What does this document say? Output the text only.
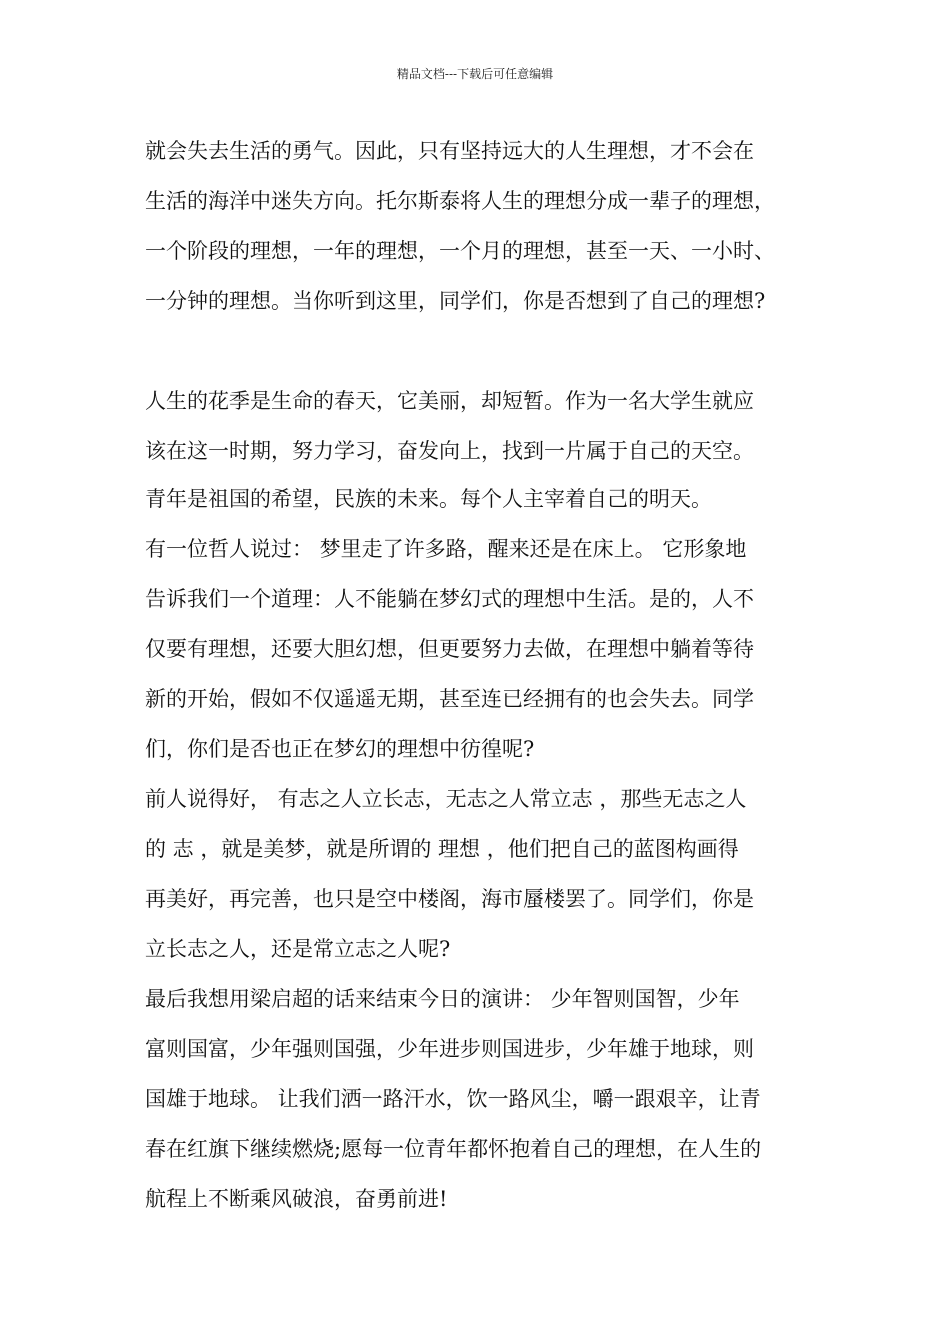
精品文档---下载后可任意编辑
就会失去生活的勇气。因此，只有坚持远大的人生理想，才不会在
生活的海洋中迷失方向。托尔斯泰将人生的理想分成一辈子的理想，
一个阶段的理想，一年的理想，一个月的理想，甚至一天、一小时、
一分钟的理想。当你听到这里，同学们，你是否想到了自己的理想?
人生的花季是生命的春天，它美丽，却短暂。作为一名大学生就应
该在这一时期，努力学习，奋发向上，找到一片属于自己的天空。
青年是祖国的希望，民族的未来。每个人主宰着自己的明天。
有一位哲人说过： 梦里走了许多路，醒来还是在床上。 它形象地
告诉我们一个道理：人不能躺在梦幻式的理想中生活。是的，人不
仅要有理想，还要大胆幻想，但更要努力去做，在理想中躺着等待
新的开始，假如不仅遥遥无期，甚至连已经拥有的也会失去。同学
们，你们是否也正在梦幻的理想中彷徨呢?
前人说得好， 有志之人立长志，无志之人常立志 ，那些无志之人
的 志 ，就是美梦，就是所谓的 理想 ，他们把自己的蓝图构画得
再美好，再完善，也只是空中楼阁，海市蜃楼罢了。同学们，你是
立长志之人，还是常立志之人呢?
最后我想用梁启超的话来结束今日的演讲： 少年智则国智，少年
富则国富，少年强则国强，少年进步则国进步，少年雄于地球，则
国雄于地球。 让我们洒一路汗水，饮一路风尘，嚼一跟艰辛，让青
春在红旗下继续燃烧;愿每一位青年都怀抱着自己的理想，在人生的
航程上不断乘风破浪，奋勇前进!
